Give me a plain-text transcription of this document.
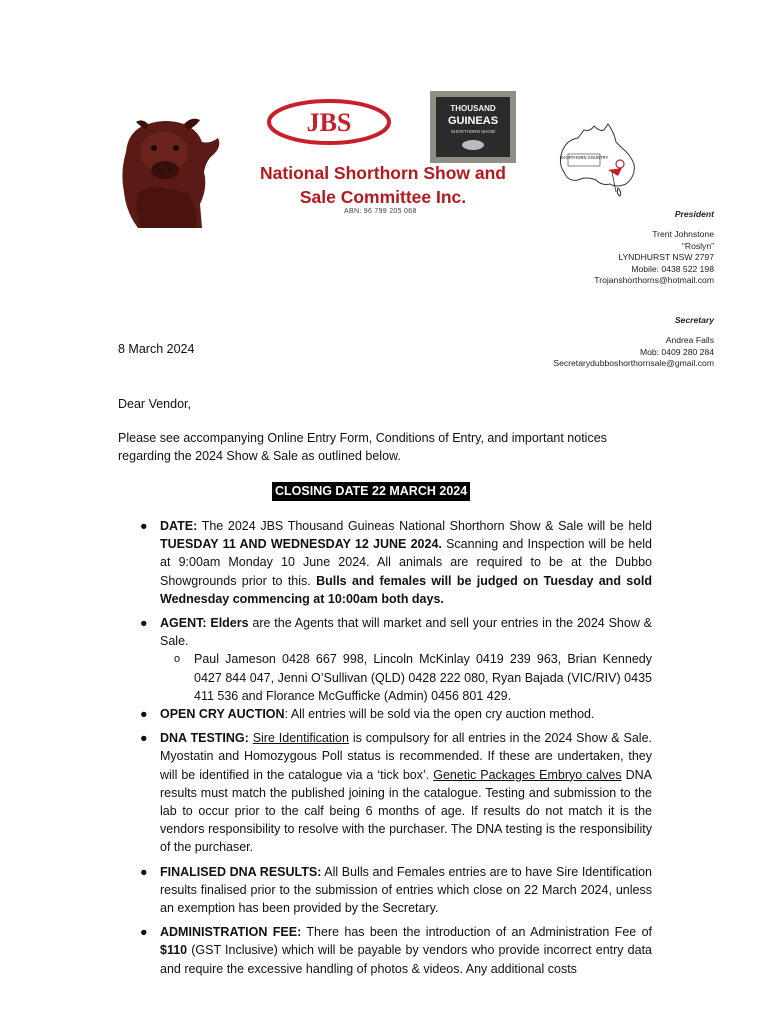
JBS	THOUSAND
GUINEAS
SHORTHORN SHOW
SHORTHORN COUNTRY
National Shorthorn Show and
Sale Committee Inc.
ABN: 96 799 205 068	President
Trent Johnstone
“Roslyn”
LYNDHURST NSW 2797
Mobile: 0438 522 198
Trojanshorthorns@hotmail.com
Secretary
Andrea Falls
Mob: 0409 280 284
Secretarydubboshorthornsale@gmail.com
8 March 2024
Dear Vendor,
Please see accompanying Online Entry Form, Conditions of Entry, and important notices regarding the 2024 Show & Sale as outlined below.
CLOSING DATE 22 MARCH 2024
● DATE: The 2024 JBS Thousand Guineas National Shorthorn Show & Sale will be held TUESDAY 11 AND WEDNESDAY 12 JUNE 2024. Scanning and Inspection will be held at 9:00am Monday 10 June 2024. All animals are required to be at the Dubbo Showgrounds prior to this. Bulls and females will be judged on Tuesday and sold Wednesday commencing at 10:00am both days.
● AGENT: Elders are the Agents that will market and sell your entries in the 2024 Show & Sale.
o Paul Jameson 0428 667 998, Lincoln McKinlay 0419 239 963, Brian Kennedy 0427 844 047, Jenni O’Sullivan (QLD) 0428 222 080, Ryan Bajada (VIC/RIV) 0435 411 536 and Florance McGufficke (Admin) 0456 801 429.
● OPEN CRY AUCTION: All entries will be sold via the open cry auction method.
● DNA TESTING: Sire Identification is compulsory for all entries in the 2024 Show & Sale. Myostatin and Homozygous Poll status is recommended. If these are undertaken, they will be identified in the catalogue via a ‘tick box’. Genetic Packages Embryo calves DNA results must match the published joining in the catalogue. Testing and submission to the lab to occur prior to the calf being 6 months of age. If results do not match it is the vendors responsibility to resolve with the purchaser. The DNA testing is the responsibility of the purchaser.
● FINALISED DNA RESULTS: All Bulls and Females entries are to have Sire Identification results finalised prior to the submission of entries which close on 22 March 2024, unless an exemption has been provided by the Secretary.
● ADMINISTRATION FEE: There has been the introduction of an Administration Fee of $110 (GST Inclusive) which will be payable by vendors who provide incorrect entry data and require the excessive handling of photos & videos. Any additional costs
